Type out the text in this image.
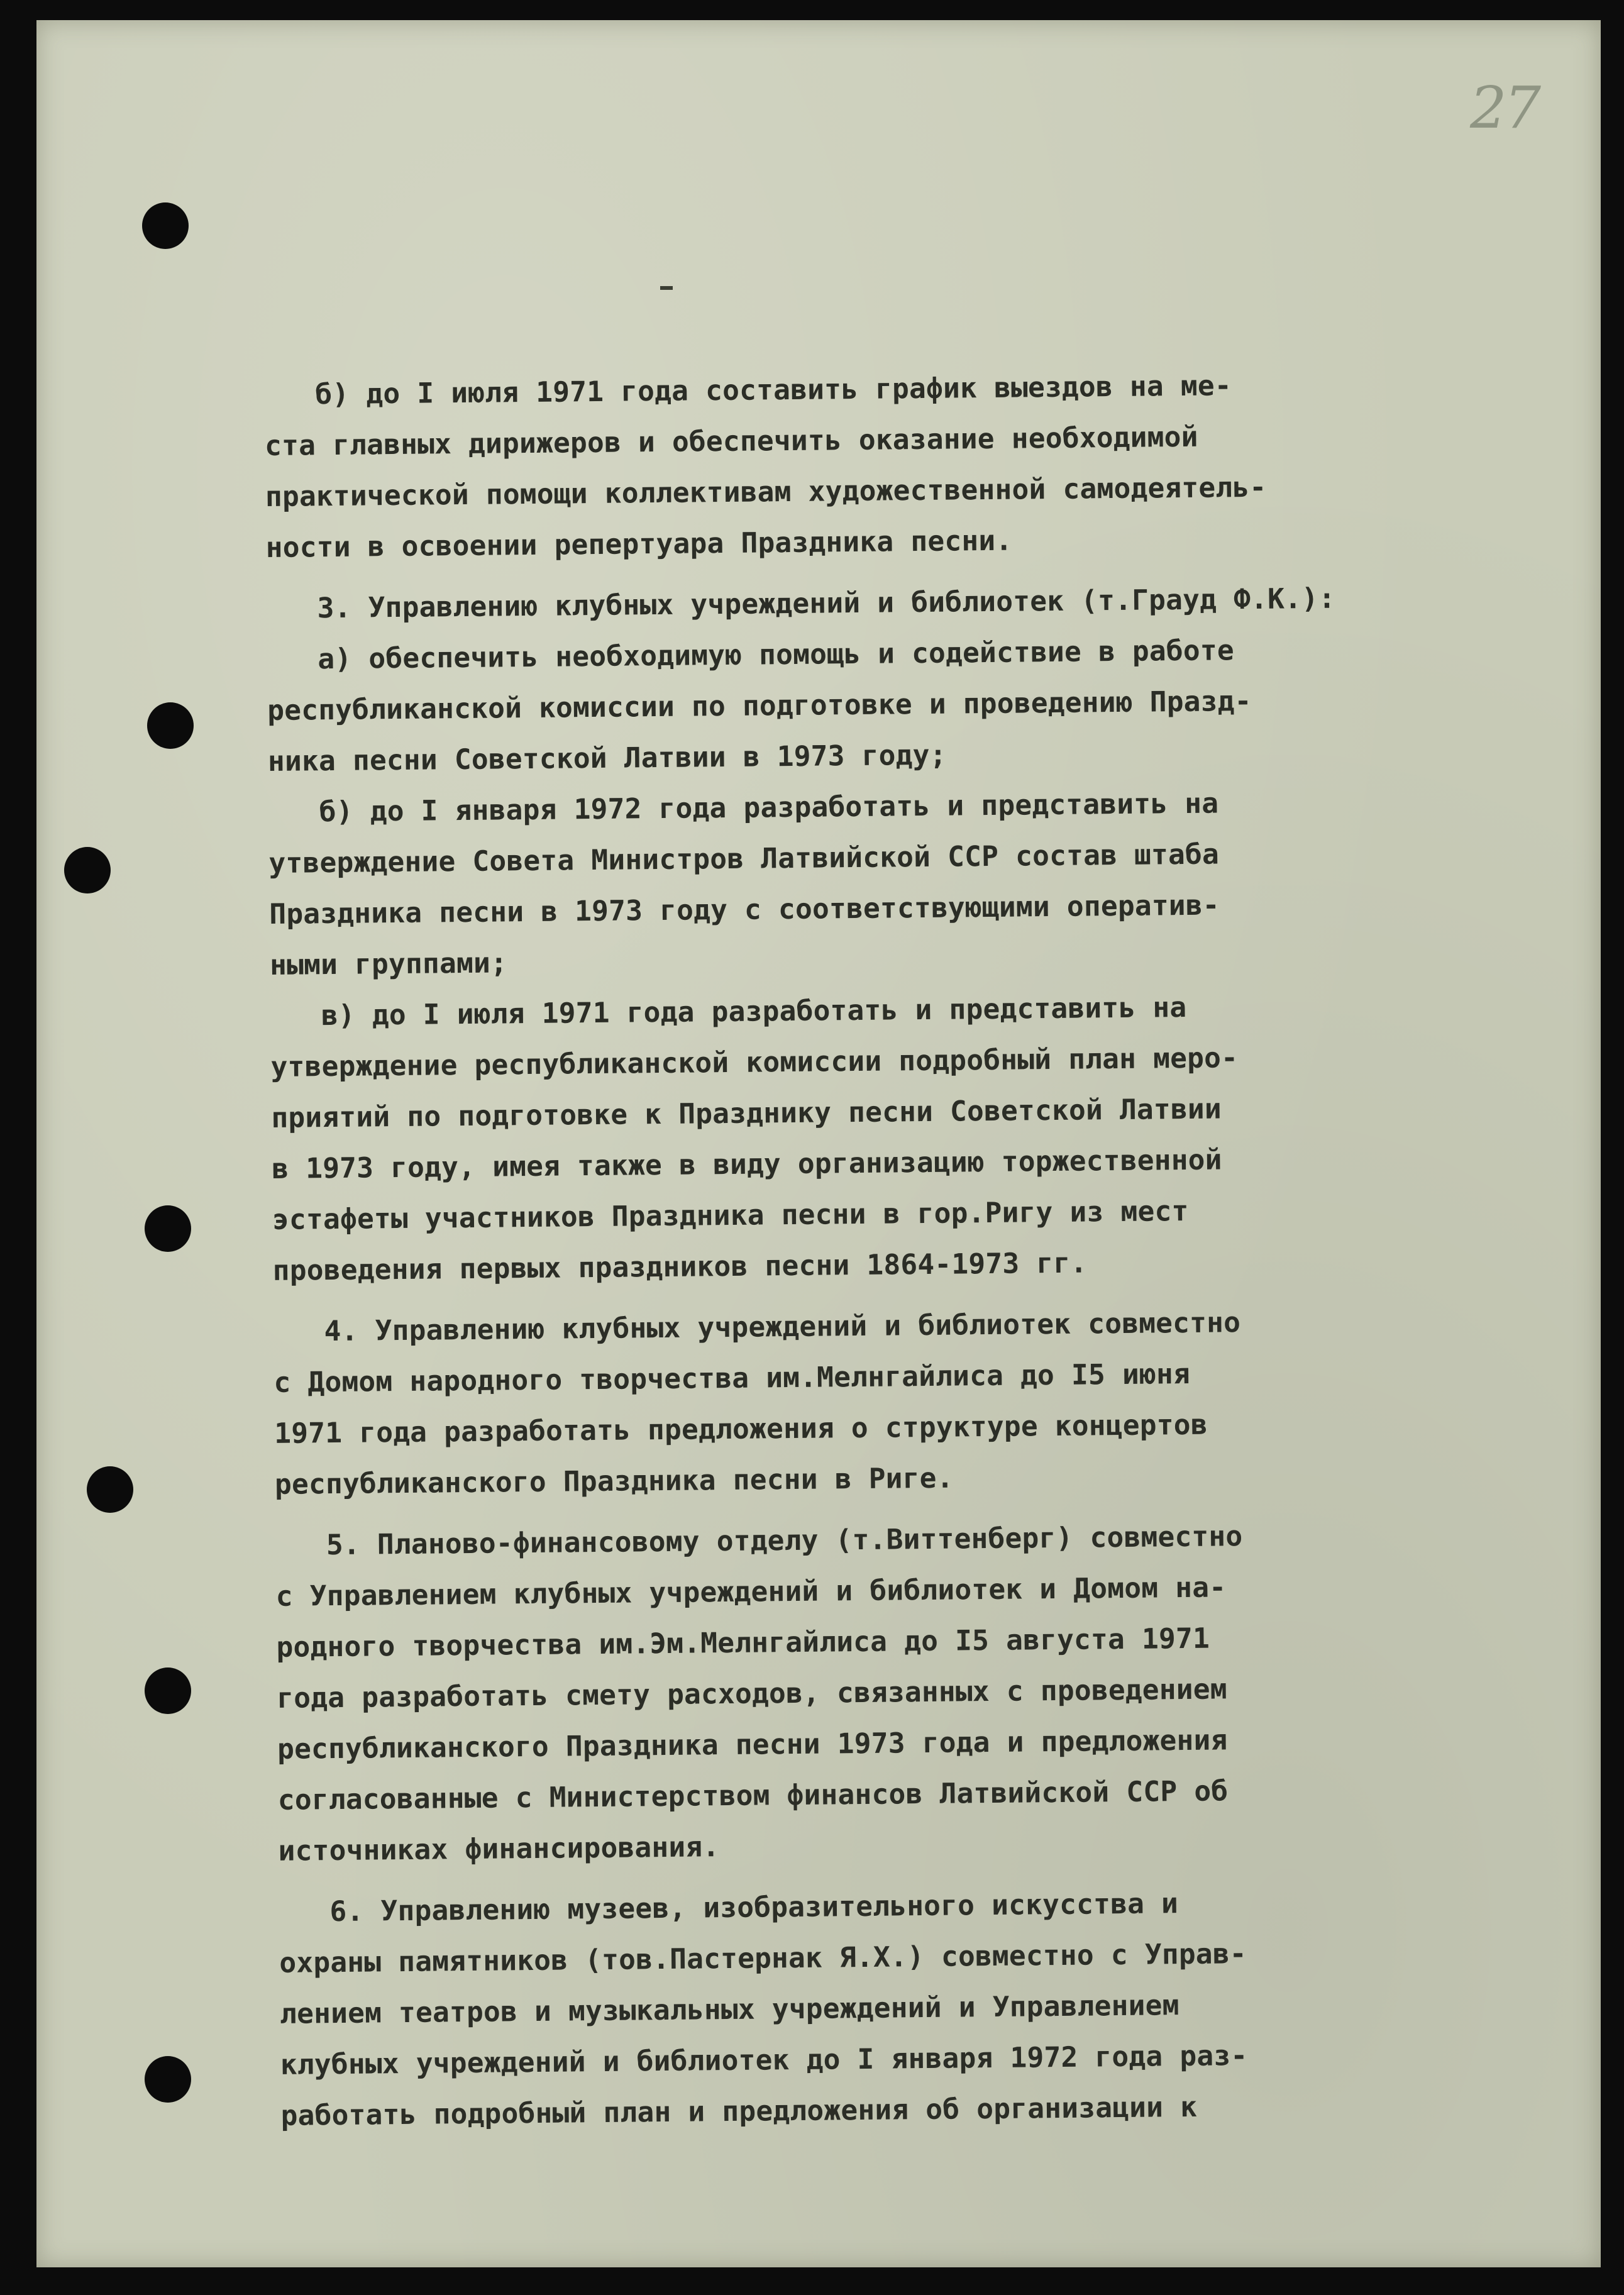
27
б) до I июля 1971 года составить график выездов на ме-
ста главных дирижеров и обеспечить оказание необходимой
практической помощи коллективам художественной самодеятель-
ности в освоении репертуара Праздника песни.
3. Управлению клубных учреждений и библиотек (т.Грауд Ф.К.):
а) обеспечить необходимую помощь и содействие в работе
республиканской комиссии по подготовке и проведению Празд-
ника песни Советской Латвии в 1973 году;
б) до I января 1972 года разработать и представить на
утверждение Совета Министров Латвийской ССР состав штаба
Праздника песни в 1973 году с соответствующими оператив-
ными группами;
в) до I июля 1971 года разработать и представить на
утверждение республиканской комиссии подробный план меро-
приятий по подготовке к Празднику песни Советской Латвии
в 1973 году, имея также в виду организацию торжественной
эстафеты участников Праздника песни в гор.Ригу из мест
проведения первых праздников песни 1864-1973 гг.
4. Управлению клубных учреждений и библиотек совместно
с Домом народного творчества им.Мелнгайлиса до I5 июня
1971 года разработать предложения о структуре концертов
республиканского Праздника песни в Риге.
5. Планово-финансовому отделу (т.Виттенберг) совместно
с Управлением клубных учреждений и библиотек и Домом на-
родного творчества им.Эм.Мелнгайлиса до I5 августа 1971
года разработать смету расходов, связанных с проведением
республиканского Праздника песни 1973 года и предложения
согласованные с Министерством финансов Латвийской ССР об
источниках финансирования.
6. Управлению музеев, изобразительного искусства и
охраны памятников (тов.Пастернак Я.Х.) совместно с Управ-
лением театров и музыкальных учреждений и Управлением
клубных учреждений и библиотек до I января 1972 года раз-
работать подробный план и предложения об организации к
